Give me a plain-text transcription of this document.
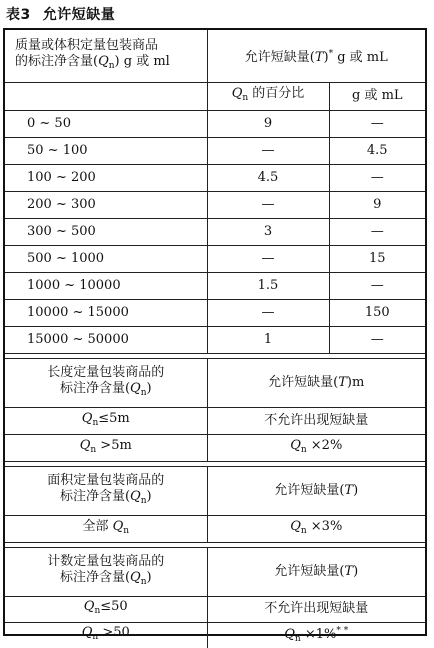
表3 允许短缺量
质量或体积定量包装商品
的标注净含量$(Q_n)$ g 或 ml	允许短缺量(T)* g 或 mL	
	$Q_n$ 的百分比	g 或 mL
0 ~ 50	9	—
50 ~ 100	—	4.5
100 ~ 200	4.5	—
200 ~ 300	—	9
300 ~ 500	3	—
500 ~ 1000	—	15
1000 ~ 10000	1.5	—
10000 ~ 15000	—	150
15000 ~ 50000	1	—
长度定量包装商品的
标注净含量$(Q_n)$	允许短缺量(T)m
$Q_n\le 5m$	不允许出现短缺量
$Q_n >5m$	$Q_n \times 2\%$
面积定量包装商品的
标注净含量$(Q_n)$	允许短缺量(T)
全部 $Q_n$	$Q_n \times 3\%$
计数定量包装商品的
标注净含量$(Q_n)$	允许短缺量(T)
$Q_n\le 50$	不允许出现短缺量
$Q_n >50$	$Q_n \times 1\%^{* *}$
